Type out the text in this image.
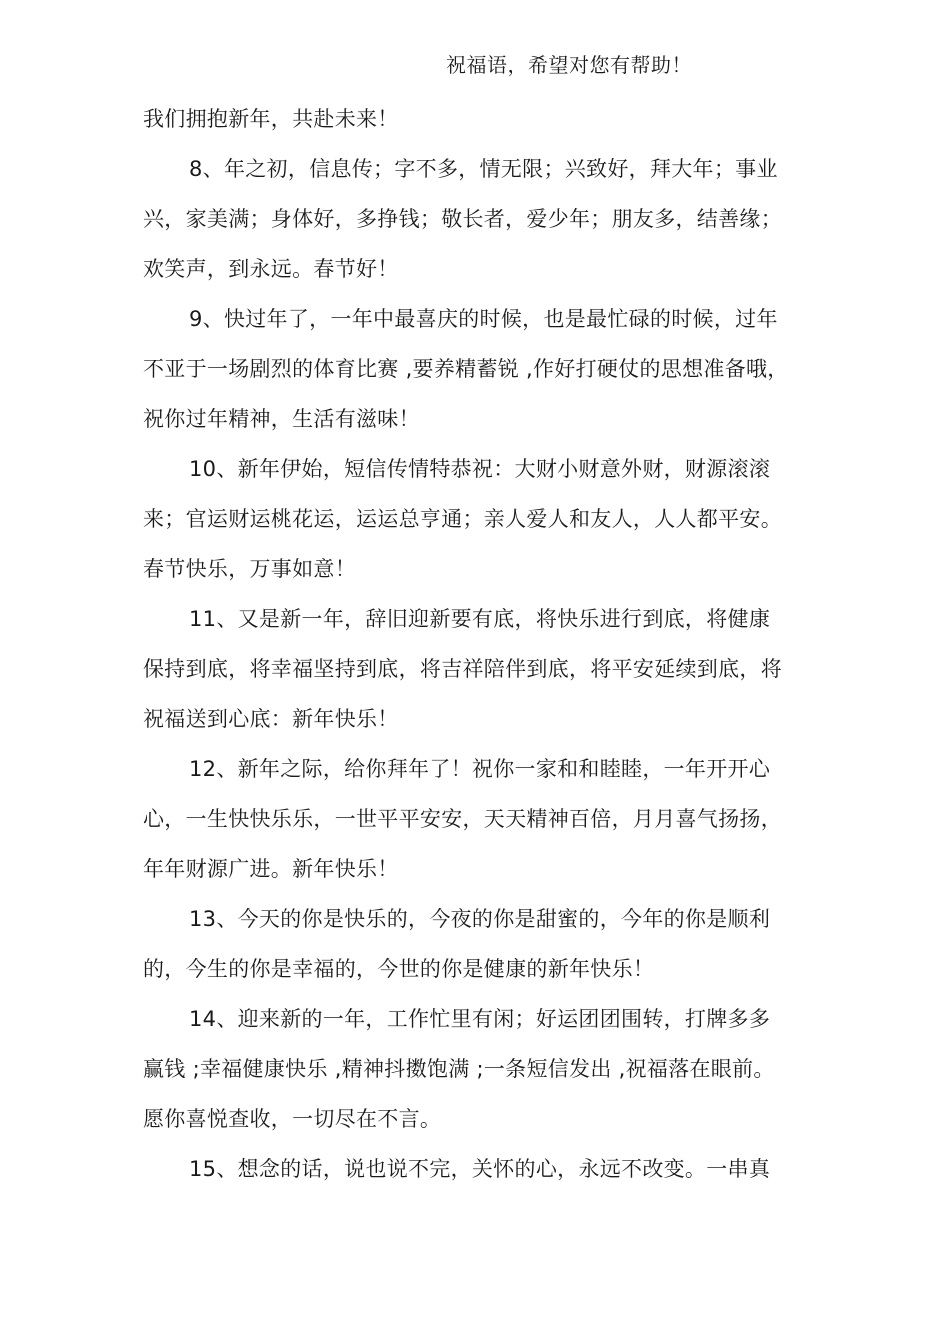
祝福语，希望对您有帮助！
我们拥抱新年，共赴未来！
8、年之初，信息传；字不多，情无限；兴致好，拜大年；事业
兴，家美满；身体好，多挣钱；敬长者，爱少年；朋友多，结善缘；
欢笑声，到永远。春节好！
9、快过年了，一年中最喜庆的时候，也是最忙碌的时候，过年
不亚于一场剧烈的体育比赛 ,要养精蓄锐 ,作好打硬仗的思想准备哦，
祝你过年精神，生活有滋味！
10、新年伊始，短信传情特恭祝：大财小财意外财，财源滚滚
来；官运财运桃花运，运运总亨通；亲人爱人和友人，人人都平安。
春节快乐，万事如意！
11、又是新一年，辞旧迎新要有底，将快乐进行到底，将健康
保持到底，将幸福坚持到底，将吉祥陪伴到底，将平安延续到底，将
祝福送到心底：新年快乐！
12、新年之际，给你拜年了！祝你一家和和睦睦，一年开开心
心，一生快快乐乐，一世平平安安，天天精神百倍，月月喜气扬扬，
年年财源广进。新年快乐！
13、今天的你是快乐的，今夜的你是甜蜜的，今年的你是顺利
的，今生的你是幸福的，今世的你是健康的新年快乐！
14、迎来新的一年，工作忙里有闲；好运团团围转，打牌多多
赢钱 ;幸福健康快乐 ,精神抖擞饱满 ;一条短信发出 ,祝福落在眼前。
愿你喜悦查收，一切尽在不言。
15、想念的话，说也说不完，关怀的心，永远不改变。一串真
